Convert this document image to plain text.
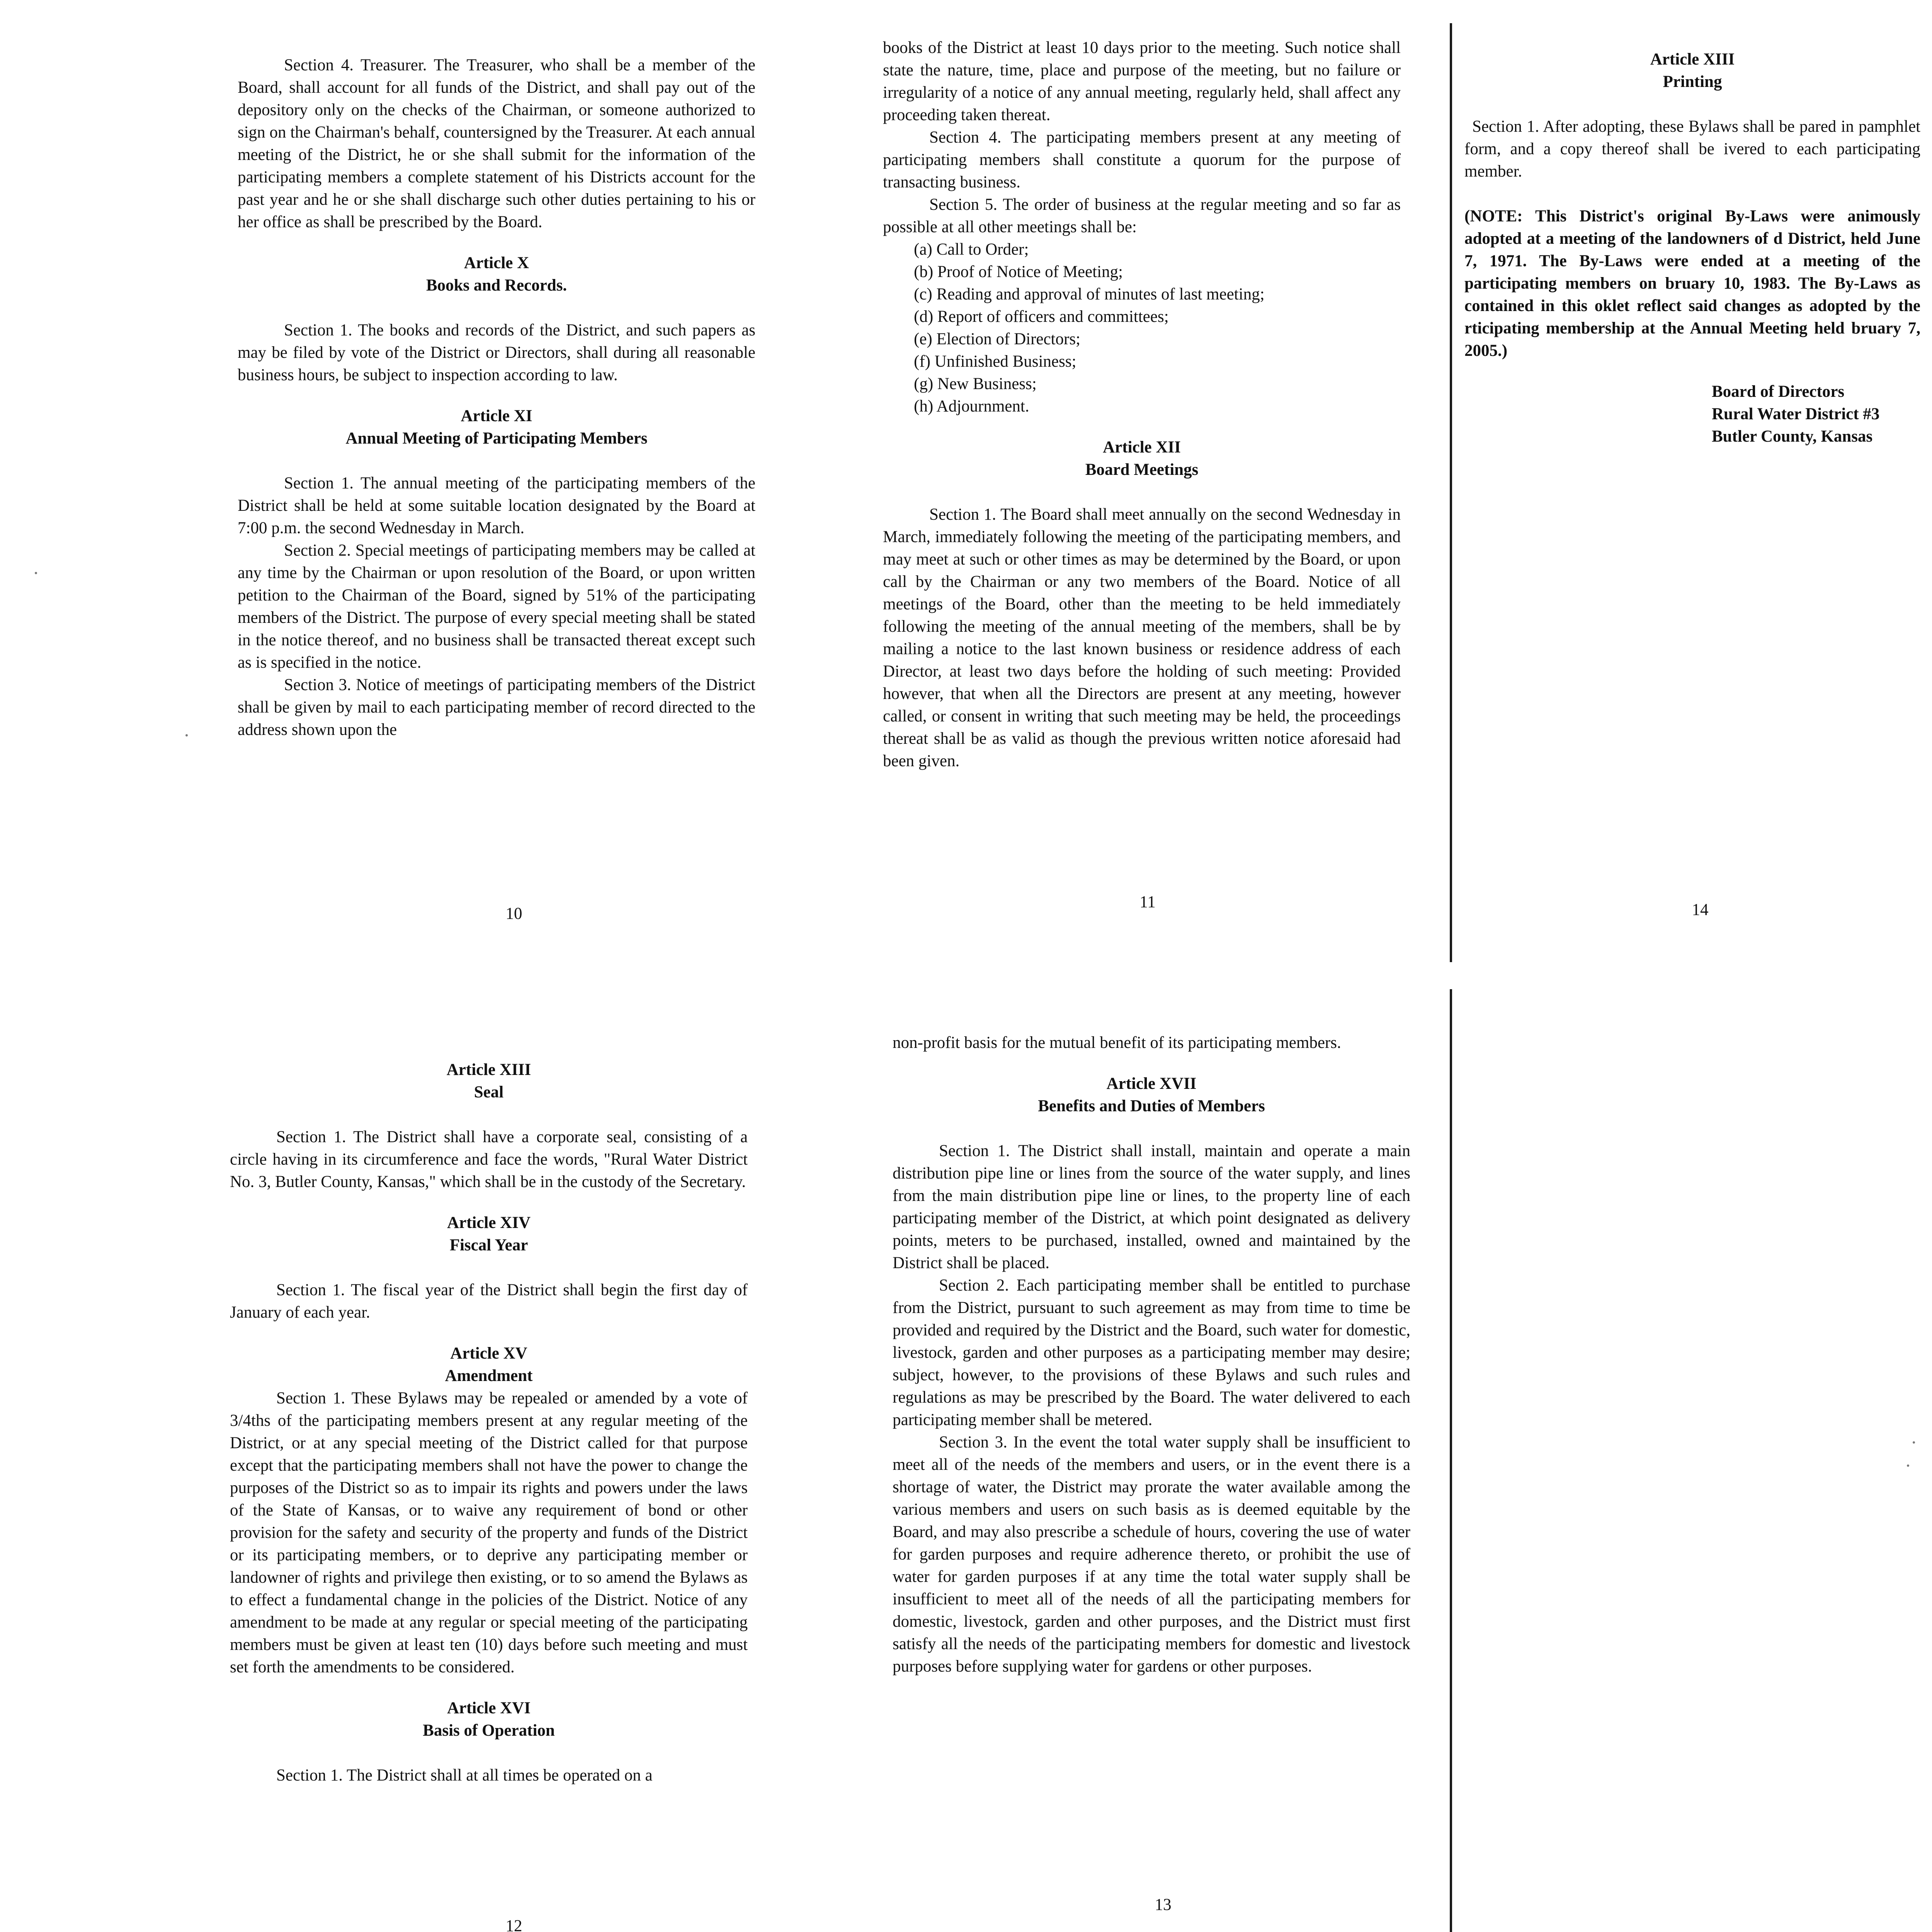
Section 4. Treasurer. The Treasurer, who shall be a member of the Board, shall account for all funds of the District, and shall pay out of the depository only on the checks of the Chairman, or someone authorized to sign on the Chairman's behalf, countersigned by the Treasurer. At each annual meeting of the District, he or she shall submit for the information of the participating members a complete statement of his Districts account for the past year and he or she shall discharge such other duties pertaining to his or her office as shall be prescribed by the Board.

Article X
Books and Records.

Section 1. The books and records of the District, and such papers as may be filed by vote of the District or Directors, shall during all reasonable business hours, be subject to inspection according to law.

Article XI
Annual Meeting of Participating Members

Section 1. The annual meeting of the participating members of the District shall be held at some suitable location designated by the Board at 7:00 p.m. the second Wednesday in March.

Section 2. Special meetings of participating members may be called at any time by the Chairman or upon resolution of the Board, or upon written petition to the Chairman of the Board, signed by 51% of the participating members of the District. The purpose of every special meeting shall be stated in the notice thereof, and no business shall be transacted thereat except such as is specified in the notice.

Section 3. Notice of meetings of participating members of the District shall be given by mail to each participating member of record directed to the address shown upon the

10

books of the District at least 10 days prior to the meeting. Such notice shall state the nature, time, place and purpose of the meeting, but no failure or irregularity of a notice of any annual meeting, regularly held, shall affect any proceeding taken thereat.

Section 4. The participating members present at any meeting of participating members shall constitute a quorum for the purpose of transacting business.

Section 5. The order of business at the regular meeting and so far as possible at all other meetings shall be:

(a) Call to Order;
(b) Proof of Notice of Meeting;
(c) Reading and approval of minutes of last meeting;
(d) Report of officers and committees;
(e) Election of Directors;
(f) Unfinished Business;
(g) New Business;
(h) Adjournment.
Article XII
Board Meetings

Section 1. The Board shall meet annually on the second Wednesday in March, immediately following the meeting of the participating members, and may meet at such or other times as may be determined by the Board, or upon call by the Chairman or any two members of the Board. Notice of all meetings of the Board, other than the meeting to be held immediately following the meeting of the annual meeting of the members, shall be by mailing a notice to the last known business or residence address of each Director, at least two days before the holding of such meeting: Provided however, that when all the Directors are present at any meeting, however called, or consent in writing that such meeting may be held, the proceedings thereat shall be as valid as though the previous written notice aforesaid had been given.

11
Article XIII
Printing

Section 1. After adopting, these Bylaws shall be pared in pamphlet form, and a copy thereof shall be ivered to each participating member.

(NOTE: This District's original By-Laws were animously adopted at a meeting of the landowners of d District, held June 7, 1971. The By-Laws were ended at a meeting of the participating members on bruary 10, 1983. The By-Laws as contained in this oklet reflect said changes as adopted by the rticipating membership at the Annual Meeting held bruary 7, 2005.)

Board of Directors
Rural Water District #3
Butler County, Kansas
14
Article XIII
Seal

Section 1. The District shall have a corporate seal, consisting of a circle having in its circumference and face the words, "Rural Water District No. 3, Butler County, Kansas," which shall be in the custody of the Secretary.

Article XIV
Fiscal Year

Section 1. The fiscal year of the District shall begin the first day of January of each year.

Article XV
Amendment

Section 1. These Bylaws may be repealed or amended by a vote of 3/4ths of the participating members present at any regular meeting of the District, or at any special meeting of the District called for that purpose except that the participating members shall not have the power to change the purposes of the District so as to impair its rights and powers under the laws of the State of Kansas, or to waive any requirement of bond or other provision for the safety and security of the property and funds of the District or its participating members, or to deprive any participating member or landowner of rights and privilege then existing, or to so amend the Bylaws as to effect a fundamental change in the policies of the District. Notice of any amendment to be made at any regular or special meeting of the participating members must be given at least ten (10) days before such meeting and must set forth the amendments to be considered.

Article XVI
Basis of Operation

Section 1. The District shall at all times be operated on a

12

non-profit basis for the mutual benefit of its participating members.

Article XVII
Benefits and Duties of Members

Section 1. The District shall install, maintain and operate a main distribution pipe line or lines from the source of the water supply, and lines from the main distribution pipe line or lines, to the property line of each participating member of the District, at which point designated as delivery points, meters to be purchased, installed, owned and maintained by the District shall be placed.

Section 2. Each participating member shall be entitled to purchase from the District, pursuant to such agreement as may from time to time be provided and required by the District and the Board, such water for domestic, livestock, garden and other purposes as a participating member may desire; subject, however, to the provisions of these Bylaws and such rules and regulations as may be prescribed by the Board. The water delivered to each participating member shall be metered.

Section 3. In the event the total water supply shall be insufficient to meet all of the needs of the members and users, or in the event there is a shortage of water, the District may prorate the water available among the various members and users on such basis as is deemed equitable by the Board, and may also prescribe a schedule of hours, covering the use of water for garden purposes and require adherence thereto, or prohibit the use of water for garden purposes if at any time the total water supply shall be insufficient to meet all of the needs of all the participating members for domestic, livestock, garden and other purposes, and the District must first satisfy all the needs of the participating members for domestic and livestock purposes before supplying water for gardens or other purposes.

13
